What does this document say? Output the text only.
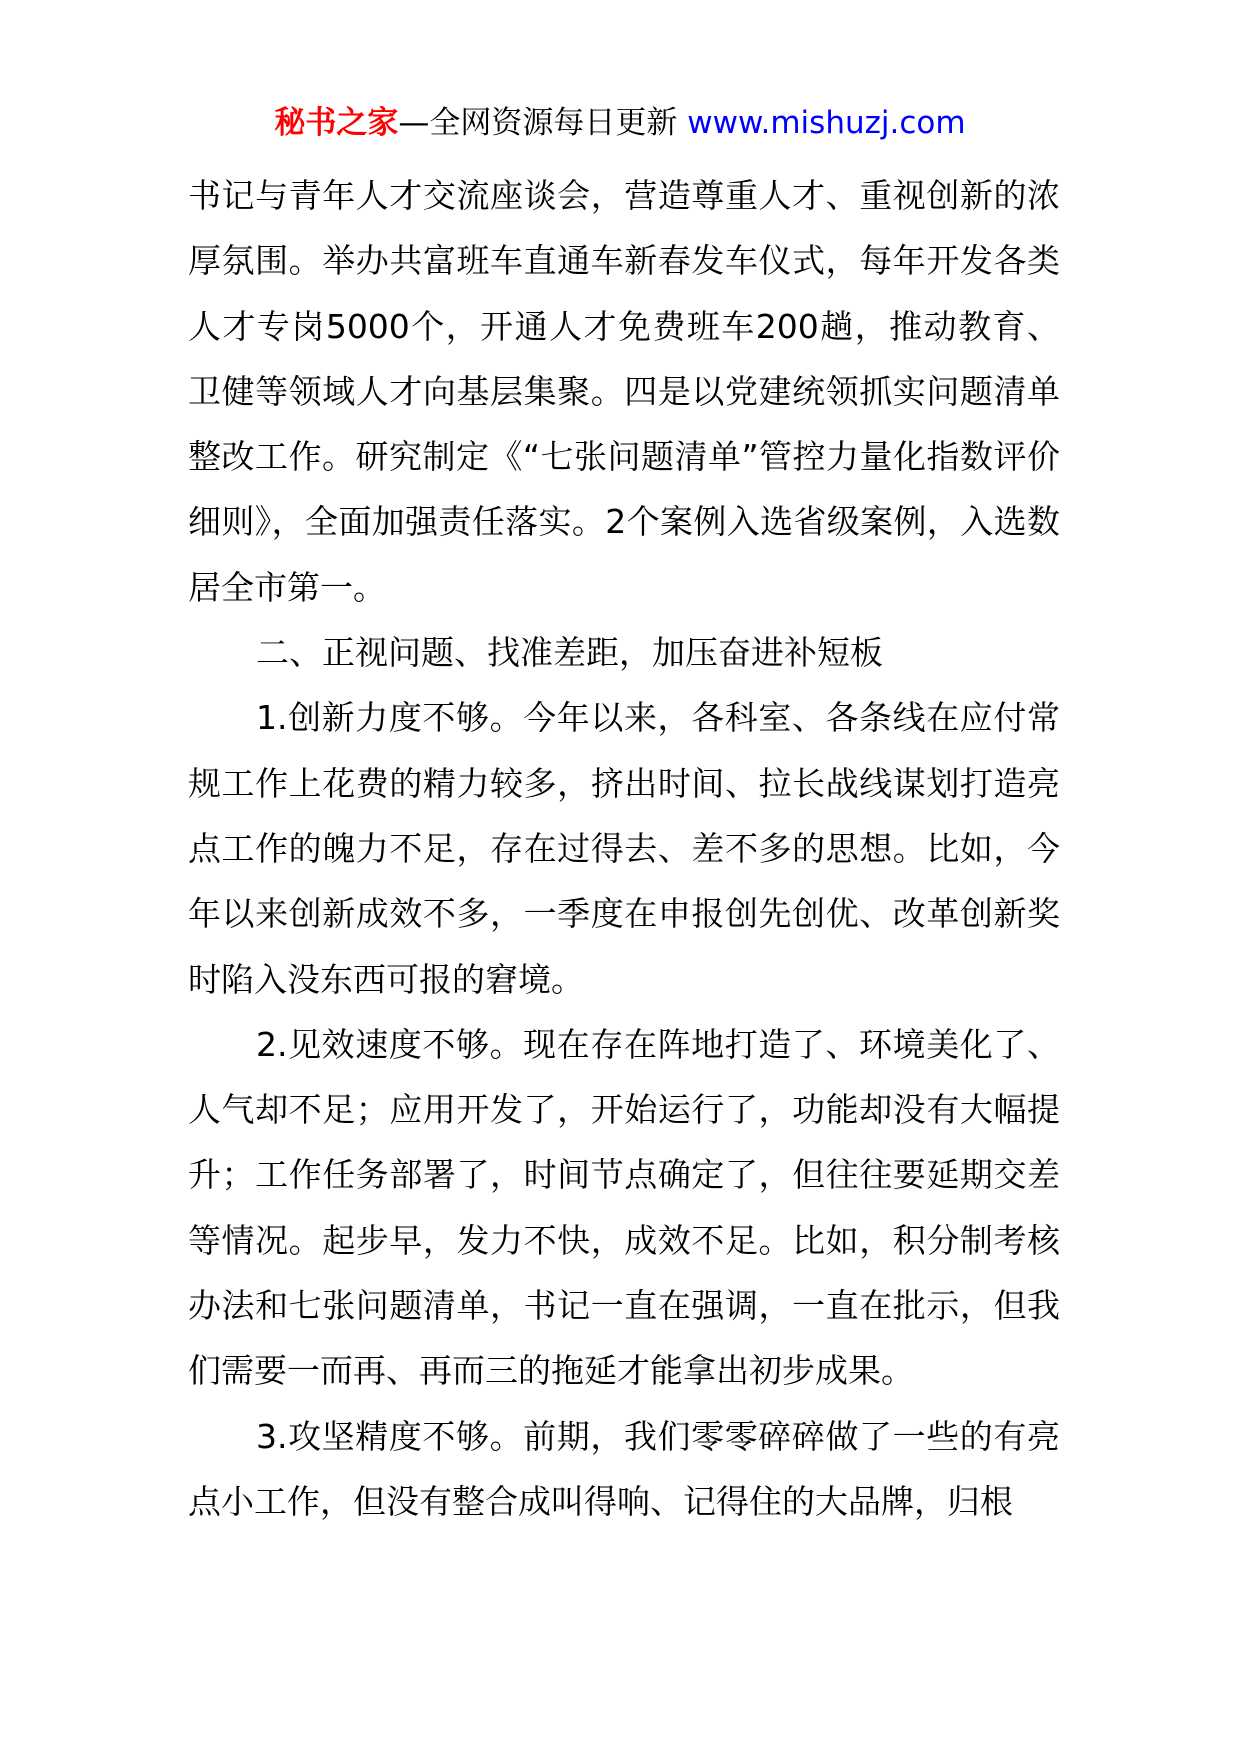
秘书之家—全网资源每日更新 www.mishuzj.com

书记与青年人才交流座谈会，营造尊重人才、重视创新的浓厚氛围。举办共富班车直通车新春发车仪式，每年开发各类人才专岗5000个，开通人才免费班车200趟，推动教育、卫健等领域人才向基层集聚。四是以党建统领抓实问题清单整改工作。研究制定《“七张问题清单”管控力量化指数评价细则》，全面加强责任落实。2个案例入选省级案例，入选数居全市第一。

二、正视问题、找准差距，加压奋进补短板

1.创新力度不够。今年以来，各科室、各条线在应付常规工作上花费的精力较多，挤出时间、拉长战线谋划打造亮点工作的魄力不足，存在过得去、差不多的思想。比如，今年以来创新成效不多，一季度在申报创先创优、改革创新奖时陷入没东西可报的窘境。

2.见效速度不够。现在存在阵地打造了、环境美化了、人气却不足；应用开发了，开始运行了，功能却没有大幅提升；工作任务部署了，时间节点确定了，但往往要延期交差等情况。起步早，发力不快，成效不足。比如，积分制考核办法和七张问题清单，书记一直在强调，一直在批示，但我们需要一而再、再而三的拖延才能拿出初步成果。

3.攻坚精度不够。前期，我们零零碎碎做了一些的有亮点小工作，但没有整合成叫得响、记得住的大品牌，归根
